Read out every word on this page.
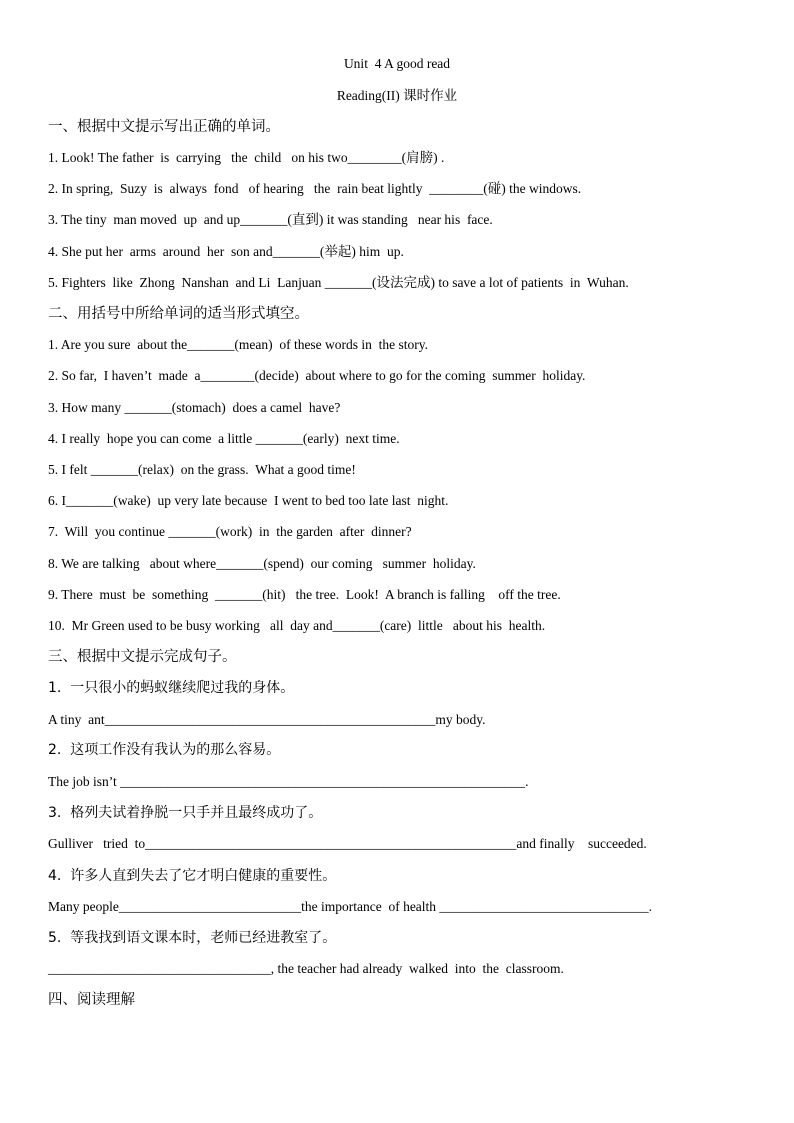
Unit  4 A good read
Reading(II) 课时作业
一、根据中文提示写出正确的单词。
1. Look! The father  is  carrying   the  child   on his two________(肩膀) .
2. In spring,  Suzy  is  always  fond   of hearing   the  rain beat lightly  ________(碰) the windows.
3. The tiny  man moved  up  and up_______(直到) it was standing   near his  face.
4. She put her  arms  around  her  son and_______(举起) him  up.
5. Fighters  like  Zhong  Nanshan  and Li  Lanjuan _______(设法完成) to save a lot of patients  in  Wuhan.
二、用括号中所给单词的适当形式填空。
1. Are you sure  about the_______(mean)  of these words in  the story.
2. So far,  I haven’t  made  a________(decide)  about where to go for the coming  summer  holiday.
3. How many _______(stomach)  does a camel  have?
4. I really  hope you can come  a little _______(early)  next time.
5. I felt _______(relax)  on the grass.  What a good time!
6. I_______(wake)  up very late because  I went to bed too late last  night.
7.  Will  you continue _______(work)  in  the garden  after  dinner?
8. We are talking   about where_______(spend)  our coming   summer  holiday.
9. There  must  be  something  _______(hit)   the tree.  Look!  A branch is falling    off the tree.
10.  Mr Green used to be busy working   all  day and_______(care)  little   about his  health.
三、根据中文提示完成句子。
1.  一只很小的蚂蚁继续爬过我的身体。
A tiny  ant_________________________________________________my body.
2.  这项工作没有我认为的那么容易。
The job isn’t ____________________________________________________________.
3.  格列夫试着挣脱一只手并且最终成功了。
Gulliver   tried  to_______________________________________________________and finally    succeeded.
4.  许多人直到失去了它才明白健康的重要性。
Many people___________________________the importance  of health _______________________________.
5.  等我找到语文课本时，老师已经进教室了。
_________________________________, the teacher had already  walked  into  the  classroom.
四、阅读理解
